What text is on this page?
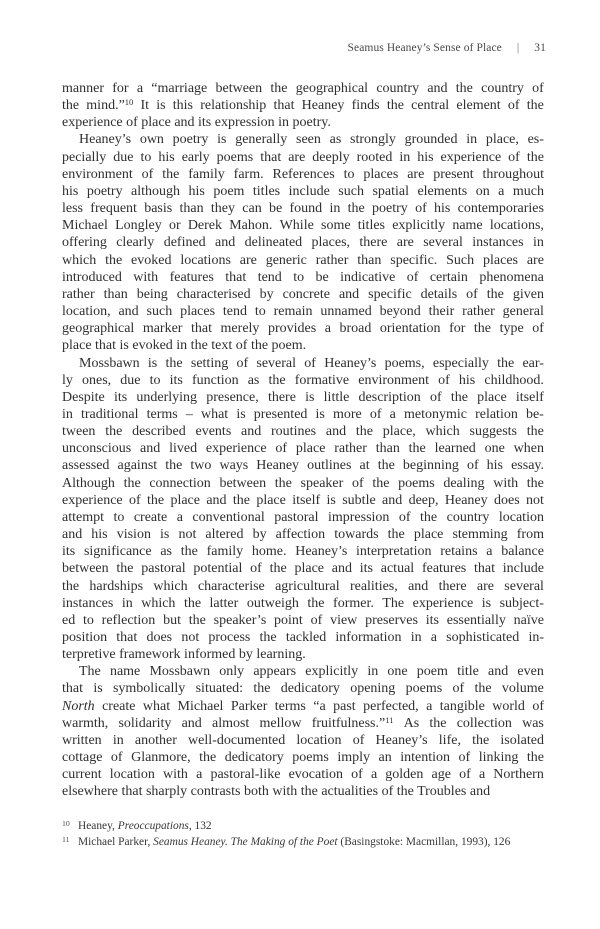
Seamus Heaney’s Sense of Place | 31
manner for a “marriage between the geographical country and the country of
the mind.”$^{10}$ It is this relationship that Heaney finds the central element of the
experience of place and its expression in poetry.
Heaney’s own poetry is generally seen as strongly grounded in place, es-
pecially due to his early poems that are deeply rooted in his experience of the
environment of the family farm. References to places are present throughout
his poetry although his poem titles include such spatial elements on a much
less frequent basis than they can be found in the poetry of his contemporaries
Michael Longley or Derek Mahon. While some titles explicitly name locations,
offering clearly defined and delineated places, there are several instances in
which the evoked locations are generic rather than specific. Such places are
introduced with features that tend to be indicative of certain phenomena
rather than being characterised by concrete and specific details of the given
location, and such places tend to remain unnamed beyond their rather general
geographical marker that merely provides a broad orientation for the type of
place that is evoked in the text of the poem.
Mossbawn is the setting of several of Heaney’s poems, especially the ear-
ly ones, due to its function as the formative environment of his childhood.
Despite its underlying presence, there is little description of the place itself
in traditional terms – what is presented is more of a metonymic relation be-
tween the described events and routines and the place, which suggests the
unconscious and lived experience of place rather than the learned one when
assessed against the two ways Heaney outlines at the beginning of his essay.
Although the connection between the speaker of the poems dealing with the
experience of the place and the place itself is subtle and deep, Heaney does not
attempt to create a conventional pastoral impression of the country location
and his vision is not altered by affection towards the place stemming from
its significance as the family home. Heaney’s interpretation retains a balance
between the pastoral potential of the place and its actual features that include
the hardships which characterise agricultural realities, and there are several
instances in which the latter outweigh the former. The experience is subject-
ed to reflection but the speaker’s point of view preserves its essentially naïve
position that does not process the tackled information in a sophisticated in-
terpretive framework informed by learning.
The name Mossbawn only appears explicitly in one poem title and even
that is symbolically situated: the dedicatory opening poems of the volume
North create what Michael Parker terms “a past perfected, a tangible world of
warmth, solidarity and almost mellow fruitfulness.”$^{11}$ As the collection was
written in another well-documented location of Heaney’s life, the isolated
cottage of Glanmore, the dedicatory poems imply an intention of linking the
current location with a pastoral-like evocation of a golden age of a Northern
elsewhere that sharply contrasts both with the actualities of the Troubles and
10 Heaney, Preoccupations, 132
11 Michael Parker, Seamus Heaney. The Making of the Poet (Basingstoke: Macmillan, 1993), 126
